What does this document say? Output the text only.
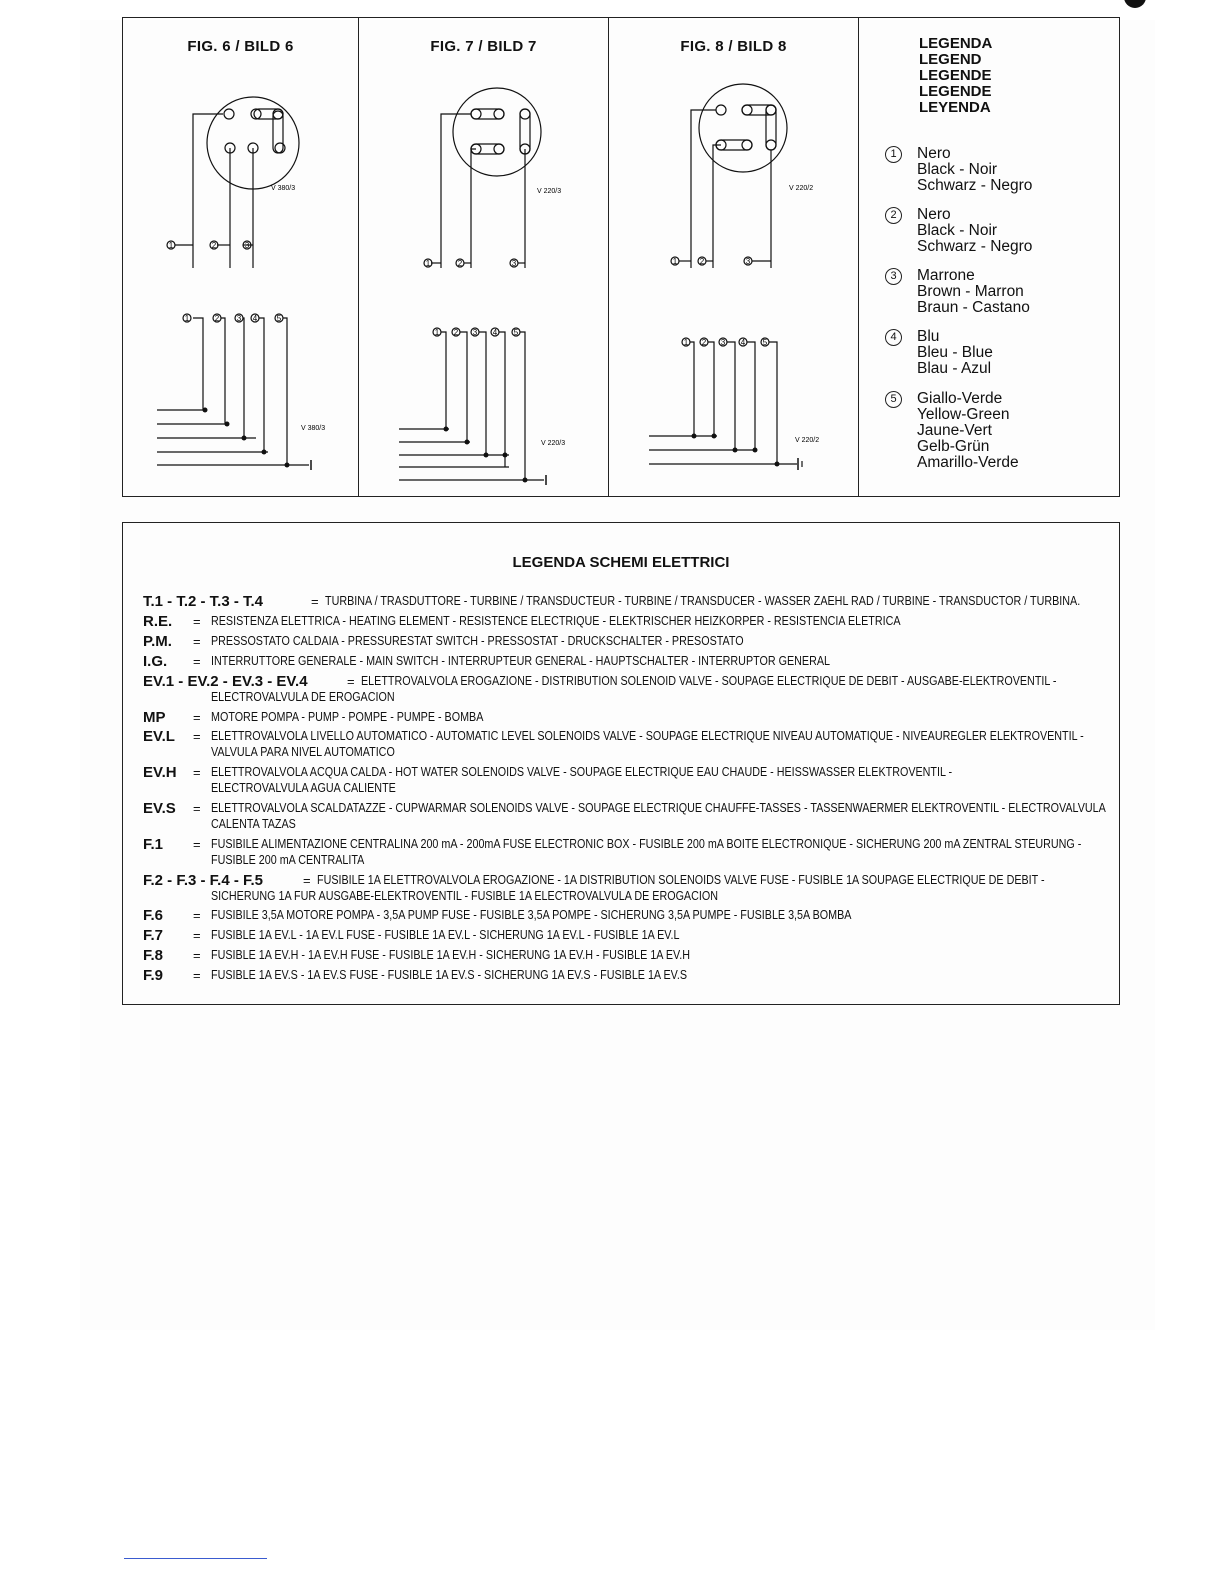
FIG. 6 / BILD 6
V 380/3
V 380/3
1	2	3
1	2 3 4 5
FIG. 7 / BILD 7
V 220/3
V 220/3
1	2	3
1 2 3 4 5
FIG. 8 / BILD 8
V 220/2
V 220/2
1	2	3
1 2 3 4 5
LEGENDA
LEGEND
LEGENDE
LEGENDE
LEYENDA
1	Nero
Black - Noir
Schwarz - Negro
2	Nero
Black - Noir
Schwarz - Negro
3	Marrone
Brown - Marron
Braun - Castano
4	Blu
Bleu - Blue
Blau - Azul
5	Giallo-Verde
Yellow-Green
Jaune-Vert
Gelb-Grün
Amarillo-Verde
LEGENDA SCHEMI ELETTRICI
T.1 - T.2 - T.3 - T.4	= TURBINA / TRASDUTTORE - TURBINE / TRANSDUCTEUR - TURBINE / TRANSDUCER - WASSER ZAEHL RAD / TURBINE - TRANSDUCTOR / TURBINA.
R.E. = RESISTENZA ELETTRICA - HEATING ELEMENT - RESISTENCE ELECTRIQUE - ELEKTRISCHER HEIZKORPER - RESISTENCIA ELETRICA
P.M. = PRESSOSTATO CALDAIA - PRESSURESTAT SWITCH - PRESSOSTAT - DRUCKSCHALTER - PRESOSTATO
I.G. = INTERRUTTORE GENERALE - MAIN SWITCH - INTERRUPTEUR GENERAL - HAUPTSCHALTER - INTERRUPTOR GENERAL
EV.1 - EV.2 - EV.3 - EV.4	= ELETTROVALVOLA EROGAZIONE - DISTRIBUTION SOLENOID VALVE - SOUPAGE ELECTRIQUE DE DEBIT - AUSGABE-ELEKTROVENTIL -
ELECTROVALVULA DE EROGACION
MP = MOTORE POMPA - PUMP - POMPE - PUMPE - BOMBA
EV.L = ELETTROVALVOLA LIVELLO AUTOMATICO - AUTOMATIC LEVEL SOLENOIDS VALVE - SOUPAGE ELECTRIQUE NIVEAU AUTOMATIQUE - NIVEAUREGLER ELEKTROVENTIL -
VALVULA PARA NIVEL AUTOMATICO
EV.H = ELETTROVALVOLA ACQUA CALDA - HOT WATER SOLENOIDS VALVE - SOUPAGE ELECTRIQUE EAU CHAUDE - HEISSWASSER ELEKTROVENTIL -
ELECTROVALVULA AGUA CALIENTE
EV.S = ELETTROVALVOLA SCALDATAZZE - CUPWARMAR SOLENOIDS VALVE - SOUPAGE ELECTRIQUE CHAUFFE-TASSES - TASSENWAERMER ELEKTROVENTIL - ELECTROVALVULA
CALENTA TAZAS
F.1 = FUSIBILE ALIMENTAZIONE CENTRALINA 200 mA - 200mA FUSE ELECTRONIC BOX - FUSIBLE 200 mA BOITE ELECTRONIQUE - SICHERUNG 200 mA ZENTRAL STEURUNG -
FUSIBLE 200 mA CENTRALITA
F.2 - F.3 - F.4 - F.5	= FUSIBILE 1A ELETTROVALVOLA EROGAZIONE - 1A DISTRIBUTION SOLENOIDS VALVE FUSE - FUSIBLE 1A SOUPAGE ELECTRIQUE DE DEBIT -
SICHERUNG 1A FUR AUSGABE-ELEKTROVENTIL - FUSIBLE 1A ELECTROVALVULA DE EROGACION
F.6 = FUSIBILE 3,5A MOTORE POMPA - 3,5A PUMP FUSE - FUSIBLE 3,5A POMPE - SICHERUNG 3,5A PUMPE - FUSIBLE 3,5A BOMBA
F.7 = FUSIBLE 1A EV.L - 1A EV.L FUSE - FUSIBLE 1A EV.L - SICHERUNG 1A EV.L - FUSIBLE 1A EV.L
F.8 = FUSIBLE 1A EV.H - 1A EV.H FUSE - FUSIBLE 1A EV.H - SICHERUNG 1A EV.H - FUSIBLE 1A EV.H
F.9 = FUSIBLE 1A EV.S - 1A EV.S FUSE - FUSIBLE 1A EV.S - SICHERUNG 1A EV.S - FUSIBLE 1A EV.S
